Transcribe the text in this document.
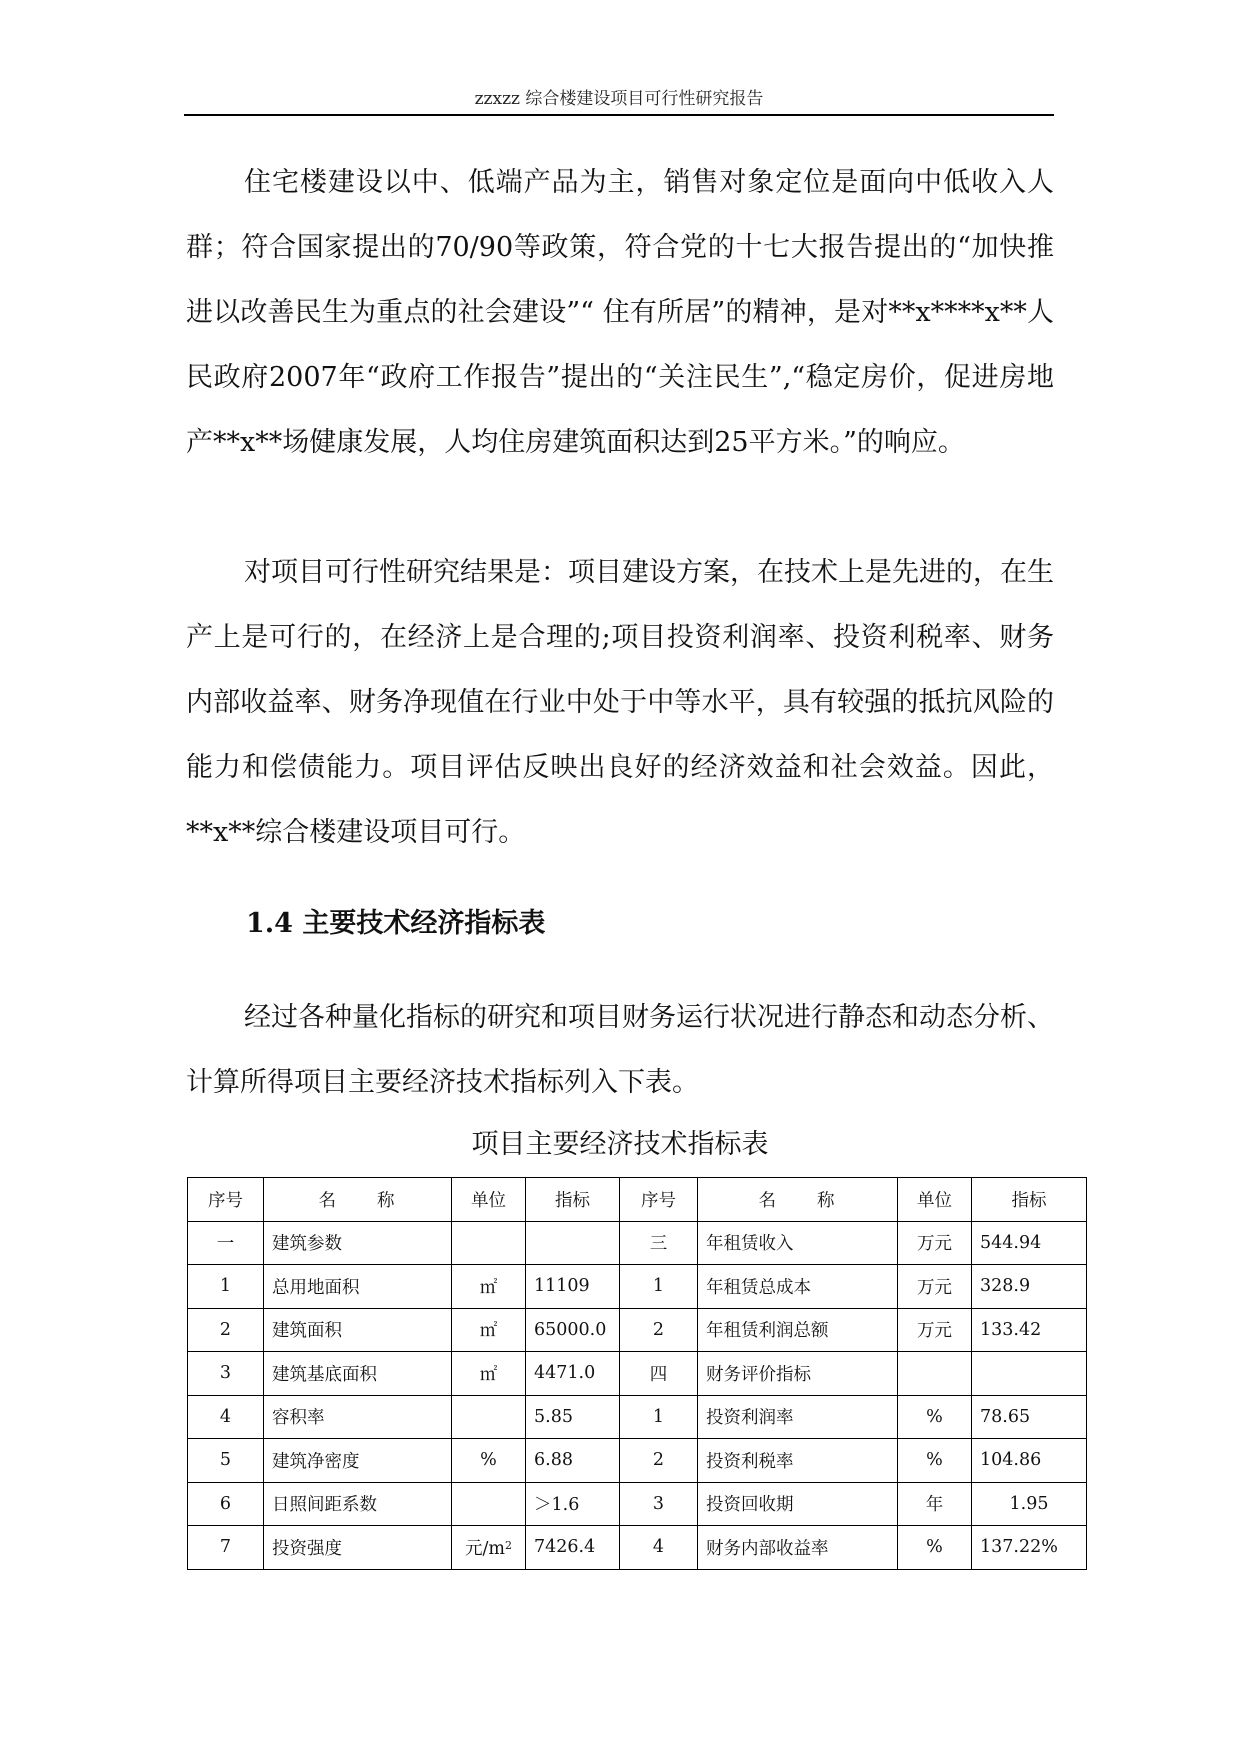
zzxzz 综合楼建设项目可行性研究报告

住宅楼建设以中、低端产品为主，销售对象定位是面向中低收入人群；符合国家提出的70/90等政策，符合党的十七大报告提出的“加快推进以改善民生为重点的社会建设”“ 住有所居”的精神，是对**x****x**人民政府2007年“政府工作报告”提出的“关注民生”,“稳定房价，促进房地产**x**场健康发展，人均住房建筑面积达到25平方米。”的响应。

对项目可行性研究结果是：项目建设方案，在技术上是先进的，在生产上是可行的，在经济上是合理的;项目投资利润率、投资利税率、财务内部收益率、财务净现值在行业中处于中等水平，具有较强的抵抗风险的能力和偿债能力。项目评估反映出良好的经济效益和社会效益。因此，**x**综合楼建设项目可行。

1.4 主要技术经济指标表

经过各种量化指标的研究和项目财务运行状况进行静态和动态分析、计算所得项目主要经济技术指标列入下表。

项目主要经济技术指标表
序号	名　　称	单位	指标	序号	名　　称	单位	指标
一	建筑参数			三	年租赁收入	万元	544.94
1	总用地面积	㎡	11109	1	年租赁总成本	万元	328.9
2	建筑面积	㎡	65000.0	2	年租赁利润总额	万元	133.42
3	建筑基底面积	㎡	4471.0	四	财务评价指标		
4	容积率		5.85	1	投资利润率	%	78.65
5	建筑净密度	%	6.88	2	投资利税率	%	104.86
6	日照间距系数		＞1.6	3	投资回收期	年	1.95
7	投资强度	元$/m^2$	7426.4	4	财务内部收益率	%	137.22%
